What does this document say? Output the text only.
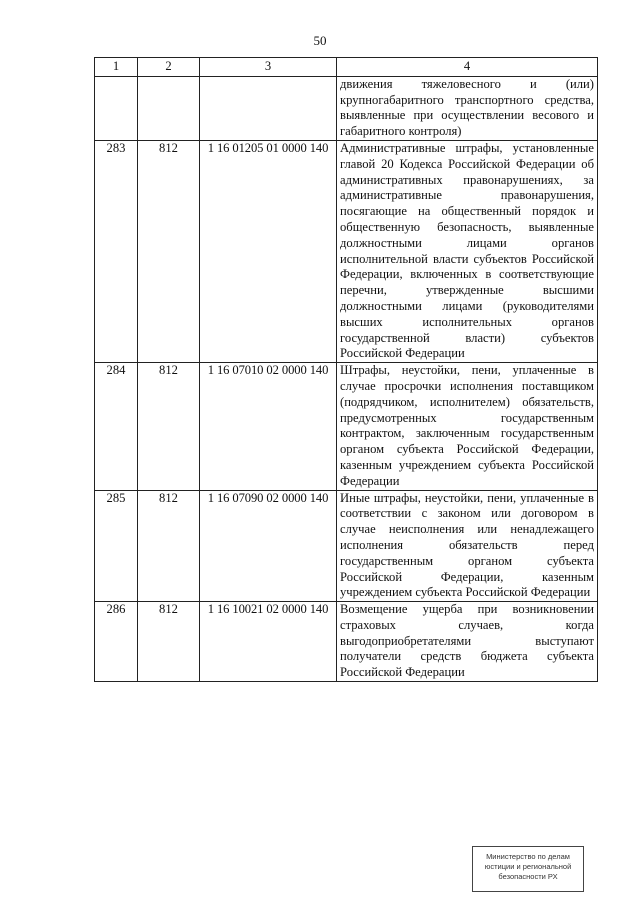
50
1	2	3	4
			движения тяжеловесного и (или) крупногабаритного транспортного средства, выявленные при осуществлении весового и габаритного контроля)
283	812	1 16 01205 01 0000 140	Административные штрафы, установленные главой 20 Кодекса Российской Федерации об административных правонарушениях, за административные правонарушения, посягающие на общественный порядок и общественную безопасность, выявленные должностными лицами органов исполнительной власти субъектов Российской Федерации, включенных в соответствующие перечни, утвержденные высшими должностными лицами (руководителями высших исполнительных органов государственной власти) субъектов Российской Федерации
284	812	1 16 07010 02 0000 140	Штрафы, неустойки, пени, уплаченные в случае просрочки исполнения поставщиком (подрядчиком, исполнителем) обязательств, предусмотренных государственным контрактом, заключенным государственным органом субъекта Российской Федерации, казенным учреждением субъекта Российской Федерации
285	812	1 16 07090 02 0000 140	Иные штрафы, неустойки, пени, уплаченные в соответствии с законом или договором в случае неисполнения или ненадлежащего исполнения обязательств перед государственным органом субъекта Российской Федерации, казенным учреждением субъекта Российской Федерации
286	812	1 16 10021 02 0000 140	Возмещение ущерба при возникновении страховых случаев, когда выгодоприобретателями выступают получатели средств бюджета субъекта Российской Федерации
Министерство по делам
юстиции и региональной
безопасности РХ
